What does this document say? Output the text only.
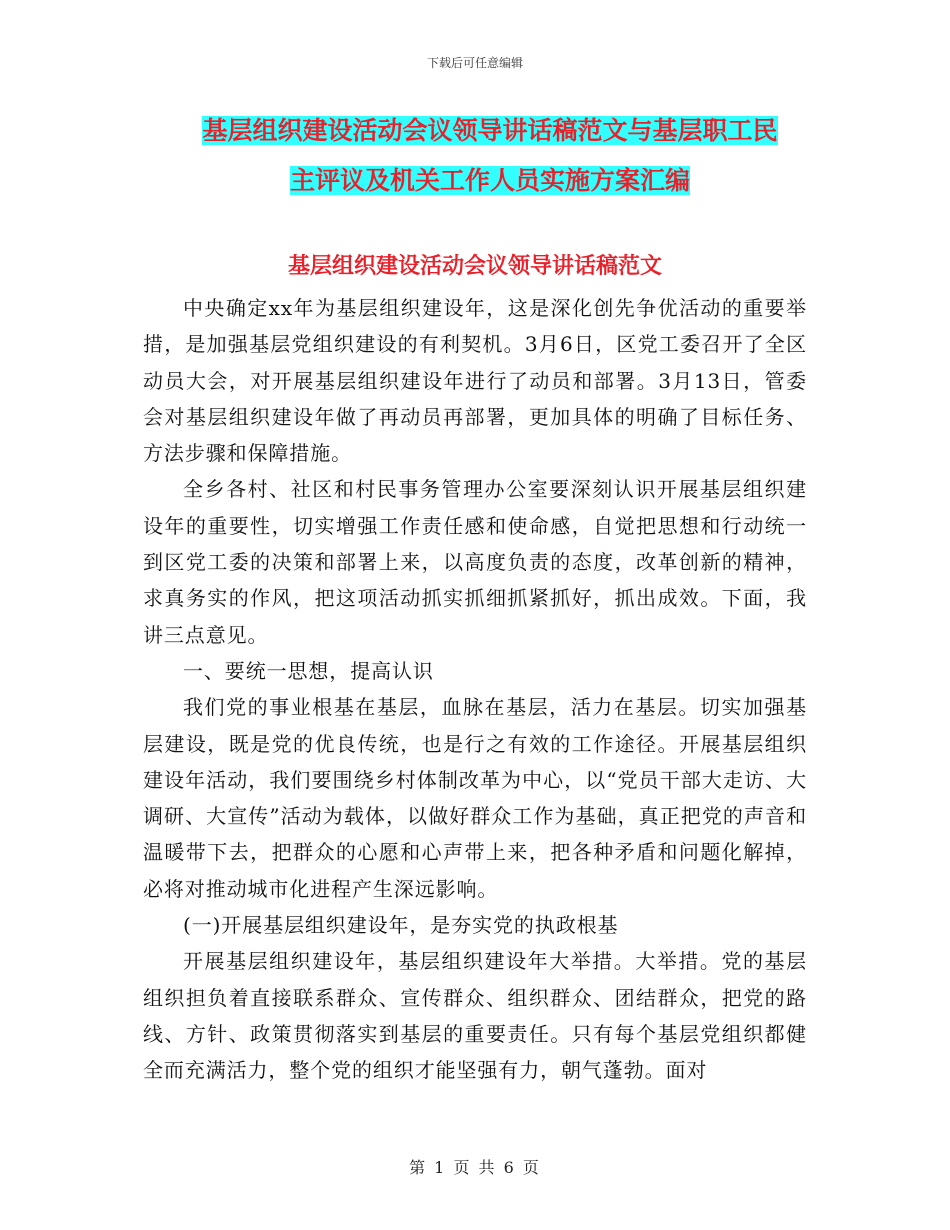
下载后可任意编辑
基层组织建设活动会议领导讲话稿范文与基层职工民
主评议及机关工作人员实施方案汇编
基层组织建设活动会议领导讲话稿范文

中央确定xx年为基层组织建设年，这是深化创先争优活动的重要举措，是加强基层党组织建设的有利契机。3月6日，区党工委召开了全区动员大会，对开展基层组织建设年进行了动员和部署。3月13日，管委会对基层组织建设年做了再动员再部署，更加具体的明确了目标任务、方法步骤和保障措施。

全乡各村、社区和村民事务管理办公室要深刻认识开展基层组织建设年的重要性，切实增强工作责任感和使命感，自觉把思想和行动统一到区党工委的决策和部署上来，以高度负责的态度，改革创新的精神，求真务实的作风，把这项活动抓实抓细抓紧抓好，抓出成效。下面，我讲三点意见。

一、要统一思想，提高认识

我们党的事业根基在基层，血脉在基层，活力在基层。切实加强基层建设，既是党的优良传统，也是行之有效的工作途径。开展基层组织建设年活动，我们要围绕乡村体制改革为中心，以“党员干部大走访、大调研、大宣传”活动为载体，以做好群众工作为基础，真正把党的声音和温暖带下去，把群众的心愿和心声带上来，把各种矛盾和问题化解掉，必将对推动城市化进程产生深远影响。

(一)开展基层组织建设年，是夯实党的执政根基

开展基层组织建设年，基层组织建设年大举措。大举措。党的基层组织担负着直接联系群众、宣传群众、组织群众、团结群众，把党的路线、方针、政策贯彻落实到基层的重要责任。只有每个基层党组织都健全而充满活力，整个党的组织才能坚强有力，朝气蓬勃。面对

第 1 页 共 6 页
